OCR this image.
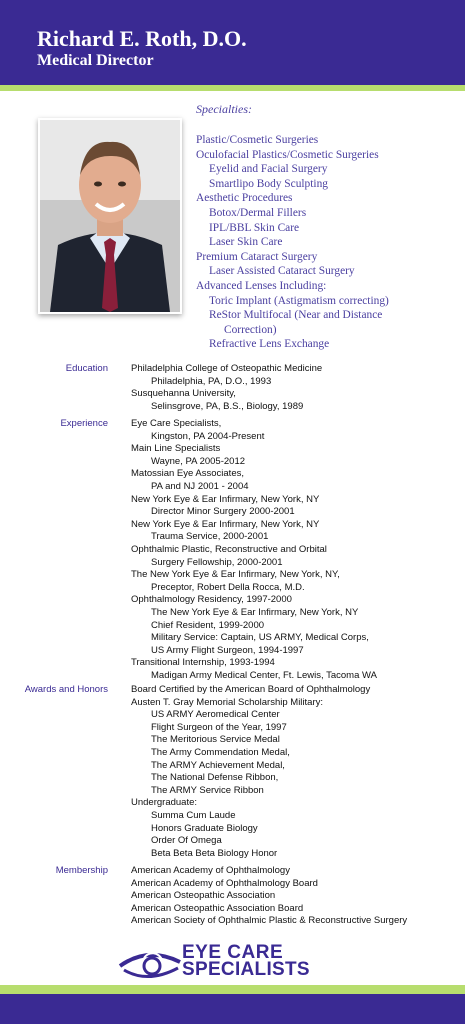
Richard E. Roth, D.O.
Medical Director
Specialties:
Plastic/Cosmetic Surgeries
Oculofacial Plastics/Cosmetic Surgeries
Eyelid and Facial Surgery
Smartlipo Body Sculpting
Aesthetic Procedures
Botox/Dermal Fillers
IPL/BBL Skin Care
Laser Skin Care
Premium Cataract Surgery
Laser Assisted Cataract Surgery
Advanced Lenses Including:
Toric Implant (Astigmatism correcting)
ReStor Multifocal (Near and Distance
Correction)
Refractive Lens Exchange
Education Philadelphia College of Osteopathic Medicine
Philadelphia, PA, D.O., 1993
Susquehanna University,
Selinsgrove, PA, B.S., Biology, 1989
Experience Eye Care Specialists,
Kingston, PA 2004-Present
Main Line Specialists
Wayne, PA 2005-2012
Matossian Eye Associates,
PA and NJ 2001 - 2004
New York Eye & Ear Infirmary, New York, NY
Director Minor Surgery 2000-2001
New York Eye & Ear Infirmary, New York, NY
Trauma Service, 2000-2001
Ophthalmic Plastic, Reconstructive and Orbital
Surgery Fellowship, 2000-2001
The New York Eye & Ear Infirmary, New York, NY,
Preceptor, Robert Della Rocca, M.D.
Ophthalmology Residency, 1997-2000
The New York Eye & Ear Infirmary, New York, NY
Chief Resident, 1999-2000
Military Service: Captain, US ARMY, Medical Corps,
US Army Flight Surgeon, 1994-1997
Transitional Internship, 1993-1994
Madigan Army Medical Center, Ft. Lewis, Tacoma WA
Awards and Honors Board Certified by the American Board of Ophthalmology
Austen T. Gray Memorial Scholarship Military:
US ARMY Aeromedical Center
Flight Surgeon of the Year, 1997
The Meritorious Service Medal
The Army Commendation Medal,
The ARMY Achievement Medal,
The National Defense Ribbon,
The ARMY Service Ribbon
Undergraduate:
Summa Cum Laude
Honors Graduate Biology
Order Of Omega
Beta Beta Beta Biology Honor
Membership American Academy of Ophthalmology
American Academy of Ophthalmology Board
American Osteopathic Association
American Osteopathic Association Board
American Society of Ophthalmic Plastic & Reconstructive Surgery
EYE CARE
SPECIALISTS
